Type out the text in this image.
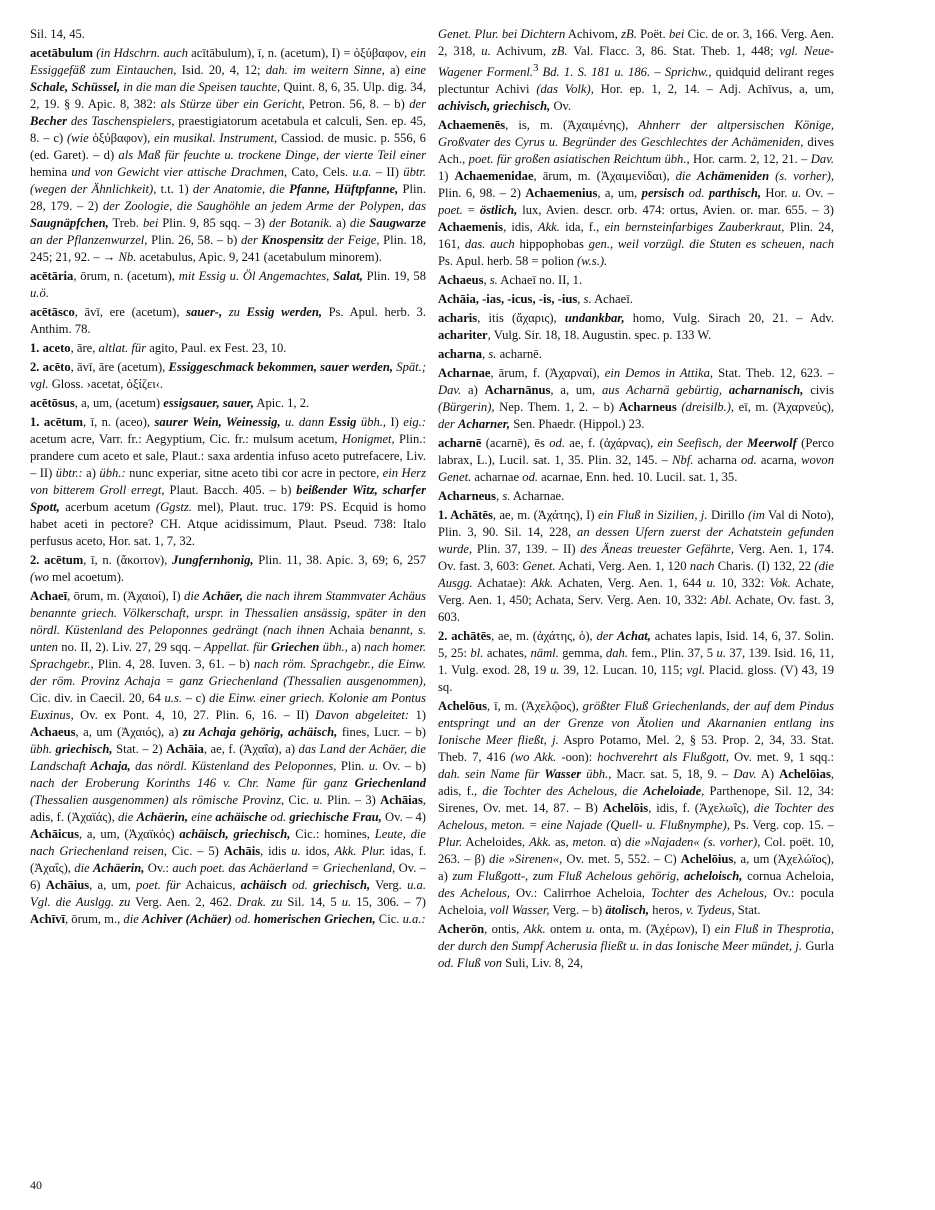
Sil. 14, 45.

acetābulum (in Hdschrn. auch acītābulum), ī, n. (acetum), I) = ὀξύβαφον, ein Essiggefäß zum Eintauchen, Isid. 20, 4, 12; dah. im weitern Sinne, a) eine Schale, Schüssel, in die man die Speisen tauchte, Quint. 8, 6, 35. Ulp. dig. 34, 2, 19. § 9. Apic. 8, 382: als Stürze über ein Gericht, Petron. 56, 8. – b) der Becher des Taschenspielers, praestigiatorum acetabula et calculi, Sen. ep. 45, 8. – c) (wie ὀξύβαφον), ein musikal. Instrument, Cassiod. de music. p. 556, 6 (ed. Garet). – d) als Maß für feuchte u. trockene Dinge, der vierte Teil einer hemina und von Gewicht vier attische Drachmen, Cato, Cels. u.a. – II) übtr. (wegen der Ähnlichkeit), t.t. 1) der Anatomie, die Pfanne, Hüftpfanne, Plin. 28, 179. – 2) der Zoologie, die Saughöhle an jedem Arme der Polypen, das Saugnäpfchen, Treb. bei Plin. 9, 85 sqq. – 3) der Botanik. a) die Saugwarze an der Pflanzenwurzel, Plin. 26, 58. – b) der Knospensitz der Feige, Plin. 18, 245; 21, 92. – → Nb. acetabulus, Apic. 9, 241 (acetabulum minorem).

acētāria, ōrum, n. (acetum), mit Essig u. Öl Angemachtes, Salat, Plin. 19, 58 u.ö.

acētāsco, āvī, ere (acetum), sauer-, zu Essig werden, Ps. Apul. herb. 3. Anthim. 78.

1. aceto, āre, altlat. für agito, Paul. ex Fest. 23, 10.

2. acēto, āvī, āre (acetum), Essiggeschmack bekommen, sauer werden, Spät.; vgl. Gloss. ›acetat, ὀξίζει‹.

acētōsus, a, um, (acetum) essigsauer, sauer, Apic. 1, 2.

1. acētum, ī, n. (aceo), saurer Wein, Weinessig, u. dann Essig übh., I) eig.: acetum acre, Varr. fr.: Aegyptium, Cic. fr.: mulsum acetum, Honigmet, Plin.: prandere cum aceto et sale, Plaut.: saxa ardentia infuso aceto putrefacere, Liv. – II) übtr.: a) übh.: nunc experiar, sitne aceto tibi cor acre in pectore, ein Herz von bitterem Groll erregt, Plaut. Bacch. 405. – b) beißender Witz, scharfer Spott, acerbum acetum (Ggstz. mel), Plaut. truc. 179: PS. Ecquid is homo habet aceti in pectore? CH. Atque acidissimum, Plaut. Pseud. 738: Italo perfusus aceto, Hor. sat. 1, 7, 32.

2. acētum, ī, n. (ἄκοιτον), Jungfernhonig, Plin. 11, 38. Apic. 3, 69; 6, 257 (wo mel acoetum).

Achaeī, ōrum, m. (Ἀχαιοί), I) die Achäer, die nach ihrem Stammvater Achäus benannte griech. Völkerschaft, urspr. in Thessalien ansässig, später in den nördl. Küstenland des Peloponnes gedrängt (nach ihnen Achaia benannt, s. unten no. II, 2). Liv. 27, 29 sqq. – Appellat. für Griechen übh., a) nach homer. Sprachgebr., Plin. 4, 28. Iuven. 3, 61. – b) nach röm. Sprachgebr., die Einw. der röm. Provinz Achaja = ganz Griechenland (Thessalien ausgenommen), Cic. div. in Caecil. 20, 64 u.s. – c) die Einw. einer griech. Kolonie am Pontus Euxinus, Ov. ex Pont. 4, 10, 27. Plin. 6, 16. – II) Davon abgeleitet: 1) Achaeus, a, um (Ἀχαιός), a) zu Achaja gehörig, achäisch, fines, Lucr. – b) übh. griechisch, Stat. – 2) Achāia, ae, f. (Ἀχαΐα), a) das Land der Achäer, die Landschaft Achaja, das nördl. Küstenland des Peloponnes, Plin. u. Ov. – b) nach der Eroberung Korinths 146 v. Chr. Name für ganz Griechenland (Thessalien ausgenommen) als römische Provinz, Cic. u. Plin. – 3) Achāias, adis, f. (Ἀχαϊάς), die Achäerin, eine achäische od. griechische Frau, Ov. – 4) Achāicus, a, um, (Ἀχαϊκός) achäisch, griechisch, Cic.: homines, Leute, die nach Griechenland reisen, Cic. – 5) Achāis, idis u. idos, Akk. Plur. idas, f. (Ἀχαΐς), die Achäerin, Ov.: auch poet. das Achäerland = Griechenland, Ov. – 6) Achāius, a, um, poet. für Achaicus, achäisch od. griechisch, Verg. u.a. Vgl. die Auslgg. zu Verg. Aen. 2, 462. Drak. zu Sil. 14, 5 u. 15, 306. – 7) Achīvī, ōrum, m., die Achiver (Achäer) od. homerischen Griechen, Cic. u.a.:

Genet. Plur. bei Dichtern Achivom, zB. Poët. bei Cic. de or. 3, 166. Verg. Aen. 2, 318, u. Achivum, zB. Val. Flacc. 3, 86. Stat. Theb. 1, 448; vgl. Neue-Wagener Formenl.$^3$ Bd. 1. S. 181 u. 186. – Sprichw., quidquid delirant reges plectuntur Achivi (das Volk), Hor. ep. 1, 2, 14. – Adj. Achīvus, a, um, achivisch, griechisch, Ov.

Achaemenēs, is, m. (Ἀχαιμένης), Ahnherr der altpersischen Könige, Großvater des Cyrus u. Begründer des Geschlechtes der Achämeniden, dives Ach., poet. für großen asiatischen Reichtum übh., Hor. carm. 2, 12, 21. – Dav. 1) Achaemenidae, ārum, m. (Ἀχαιμενίδαι), die Achämeniden (s. vorher), Plin. 6, 98. – 2) Achaemenius, a, um, persisch od. parthisch, Hor. u. Ov. – poet. = östlich, lux, Avien. descr. orb. 474: ortus, Avien. or. mar. 655. – 3) Achaemenis, idis, Akk. ida, f., ein bernsteinfarbiges Zauberkraut, Plin. 24, 161, das. auch hippophobas gen., weil vorzügl. die Stuten es scheuen, nach Ps. Apul. herb. 58 = polion (w.s.).

Achaeus, s. Achaeī no. II, 1.

Achāia, -ias, -icus, -is, -ius, s. Achaeī.

acharis, itis (ἄχαρις), undankbar, homo, Vulg. Sirach 20, 21. – Adv. achariter, Vulg. Sir. 18, 18. Augustin. spec. p. 133 W.

acharna, s. acharnē.

Acharnae, ārum, f. (Ἀχαρναί), ein Demos in Attika, Stat. Theb. 12, 623. – Dav. a) Acharnānus, a, um, aus Acharnä gebürtig, acharnanisch, civis (Bürgerin), Nep. Them. 1, 2. – b) Acharneus (dreisilb.), eī, m. (Ἀχαρνεύς), der Acharner, Sen. Phaedr. (Hippol.) 23.

acharnē (acarnē), ēs od. ae, f. (ἀχάρνας), ein Seefisch, der Meerwolf (Perco labrax, L.), Lucil. sat. 1, 35. Plin. 32, 145. – Nbf. acharna od. acarna, wovon Genet. acharnae od. acarnae, Enn. hed. 10. Lucil. sat. 1, 35.

Acharneus, s. Acharnae.

1. Achātēs, ae, m. (Ἀχάτης), I) ein Fluß in Sizilien, j. Dirillo (im Val di Noto), Plin. 3, 90. Sil. 14, 228, an dessen Ufern zuerst der Achatstein gefunden wurde, Plin. 37, 139. – II) des Äneas treuester Gefährte, Verg. Aen. 1, 174. Ov. fast. 3, 603: Genet. Achati, Verg. Aen. 1, 120 nach Charis. (I) 132, 22 (die Ausgg. Achatae): Akk. Achaten, Verg. Aen. 1, 644 u. 10, 332: Vok. Achate, Verg. Aen. 1, 450; Achata, Serv. Verg. Aen. 10, 332: Abl. Achate, Ov. fast. 3, 603.

2. achātēs, ae, m. (ἀχάτης, ὁ), der Achat, achates lapis, Isid. 14, 6, 37. Solin. 5, 25: bl. achates, näml. gemma, dah. fem., Plin. 37, 5 u. 37, 139. Isid. 16, 11, 1. Vulg. exod. 28, 19 u. 39, 12. Lucan. 10, 115; vgl. Placid. gloss. (V) 43, 19 sq.

Achelōus, ī, m. (Ἀχελῷος), größter Fluß Griechenlands, der auf dem Pindus entspringt und an der Grenze von Ätolien und Akarnanien entlang ins Ionische Meer fließt, j. Aspro Potamo, Mel. 2, § 53. Prop. 2, 34, 33. Stat. Theb. 7, 416 (wo Akk. -oon): hochverehrt als Flußgott, Ov. met. 9, 1 sqq.: dah. sein Name für Wasser übh., Macr. sat. 5, 18, 9. – Dav. A) Achelōias, adis, f., die Tochter des Achelous, die Acheloiade, Parthenope, Sil. 12, 34: Sirenes, Ov. met. 14, 87. – B) Achelōis, idis, f. (Ἀχελωΐς), die Tochter des Achelous, meton. = eine Najade (Quell- u. Flußnymphe), Ps. Verg. cop. 15. – Plur. Acheloides, Akk. as, meton. α) die »Najaden« (s. vorher), Col. poët. 10, 263. – β) die »Sirenen«, Ov. met. 5, 552. – C) Achelōius, a, um (Ἀχελώϊος), a) zum Flußgott-, zum Fluß Achelous gehörig, acheloisch, cornua Acheloia, des Achelous, Ov.: Calirrhoe Acheloia, Tochter des Achelous, Ov.: pocula Acheloia, voll Wasser, Verg. – b) ätolisch, heros, v. Tydeus, Stat.

Acherōn, ontis, Akk. ontem u. onta, m. (Ἀχέρων), I) ein Fluß in Thesprotia, der durch den Sumpf Acherusia fließt u. in das Ionische Meer mündet, j. Gurla od. Fluß von Suli, Liv. 8, 24,

40
